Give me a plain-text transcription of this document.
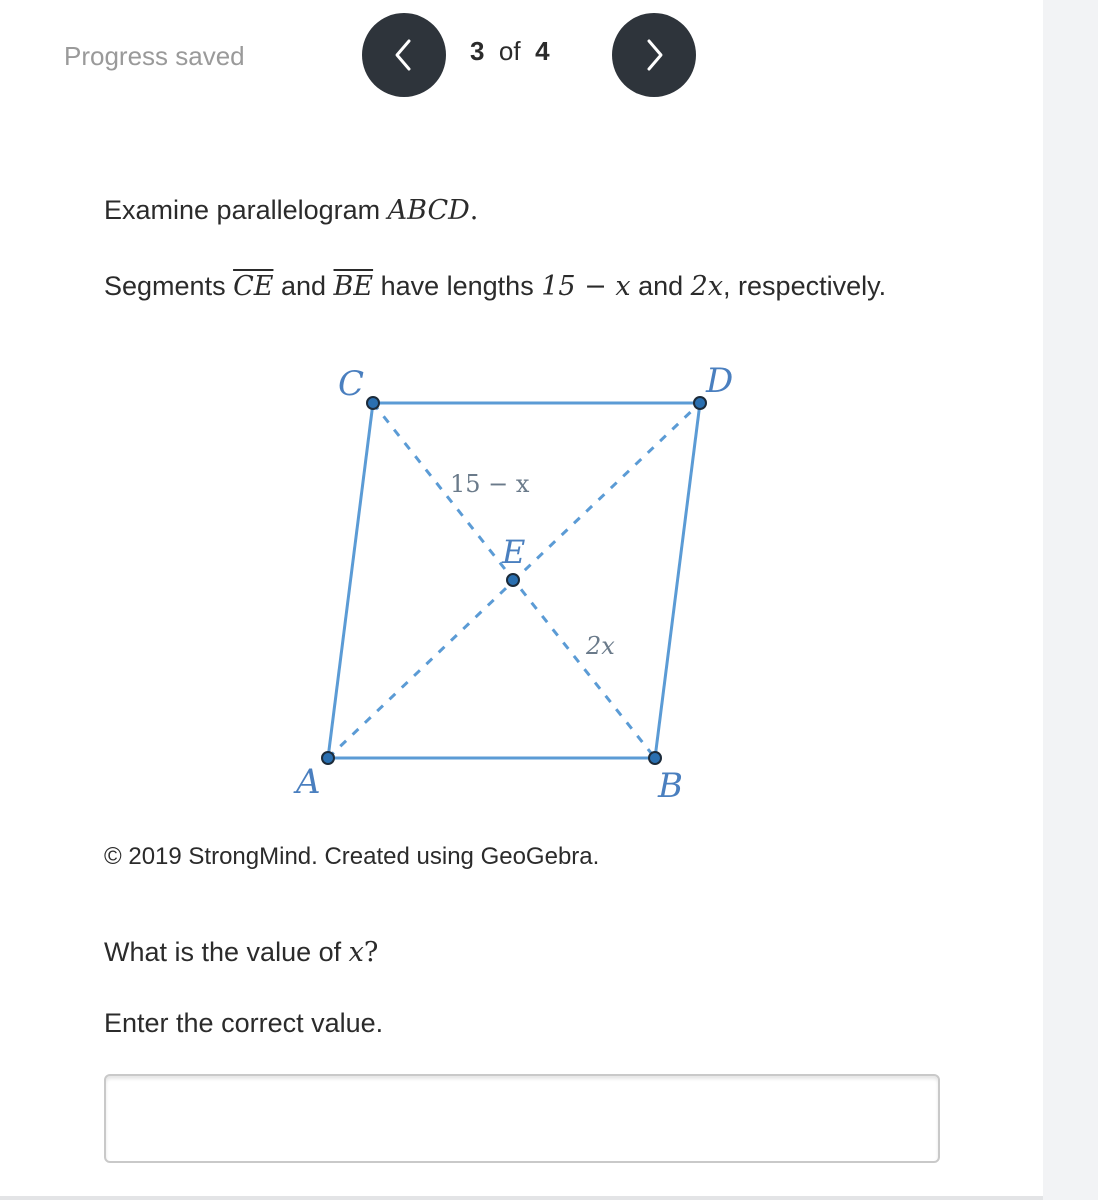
Progress saved	3 of 4
Examine parallelogram ABCD.
Segments $\overline{CE}$ and $\overline{BE}$ have lengths 15 − x and 2x, respectively.
C	D
A	B
E
15 − x
2x
© 2019 StrongMind. Created using GeoGebra.
What is the value of x?
Enter the correct value.
